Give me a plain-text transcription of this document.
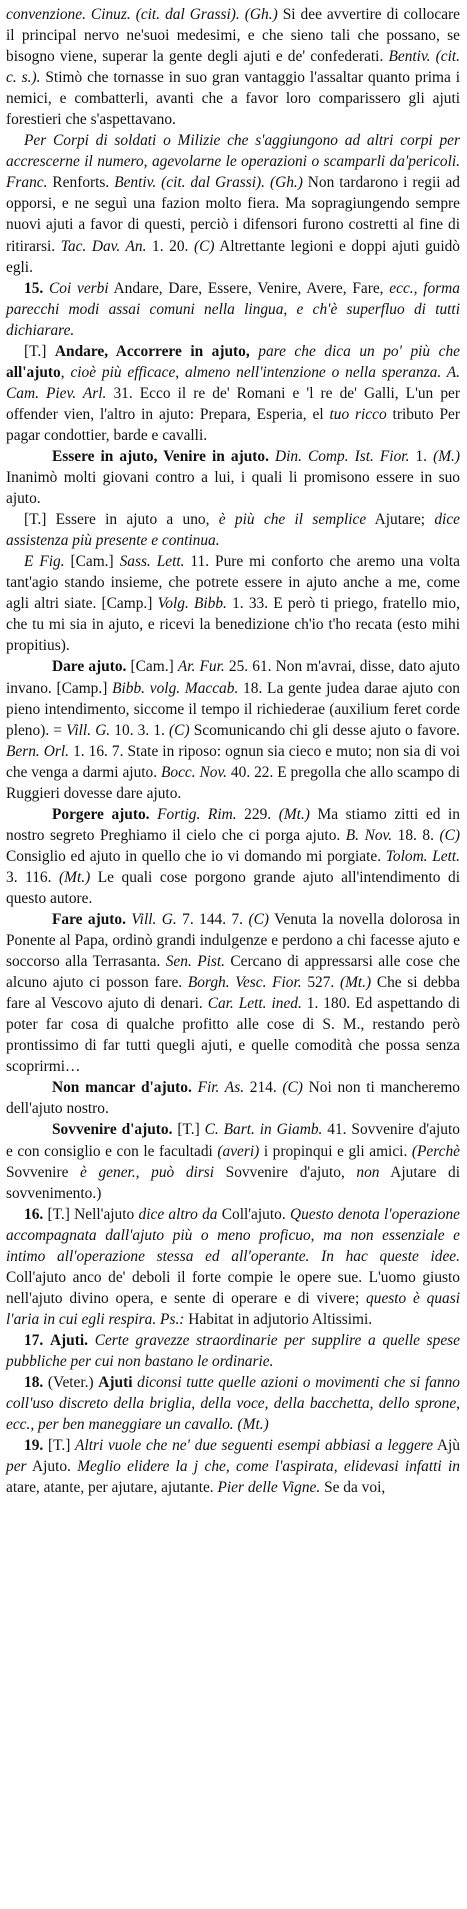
convenzione. Cinuz. (cit. dal Grassi). (Gh.) Si dee avvertire di collocare il principal nervo ne'suoi medesimi, e che sieno tali che possano, se bisogno viene, superar la gente degli ajuti e de' confederati. Bentiv. (cit. c. s.). Stimò che tornasse in suo gran vantaggio l'assaltar quanto prima i nemici, e combatterli, avanti che a favor loro comparissero gli ajuti forestieri che s'aspettavano.

Per Corpi di soldati o Milizie che s'aggiungono ad altri corpi per accrescerne il numero, agevolarne le operazioni o scamparli da'pericoli. Franc. Renforts. Bentiv. (cit. dal Grassi). (Gh.) Non tardarono i regii ad opporsi, e ne seguì una fazion molto fiera. Ma sopragiungendo sempre nuovi ajuti a favor di questi, perciò i difensori furono costretti al fine di ritirarsi. Tac. Dav. An. 1. 20. (C) Altrettante legioni e doppi ajuti guidò egli.

15. Coi verbi Andare, Dare, Essere, Venire, Avere, Fare, ecc., forma parecchi modi assai comuni nella lingua, e ch'è superfluo di tutti dichiarare.

[T.] Andare, Accorrere in ajuto, pare che dica un po' più che all'ajuto, cioè più efficace, almeno nell'intenzione o nella speranza. A. Cam. Piev. Arl. 31. Ecco il re de' Romani e 'l re de' Galli, L'un per offender vien, l'altro in ajuto: Prepara, Esperia, el tuo ricco tributo Per pagar condottier, barde e cavalli.

Essere in ajuto, Venire in ajuto. Din. Comp. Ist. Fior. 1. (M.) Inanimò molti giovani contro a lui, i quali li promisono essere in suo ajuto.

[T.] Essere in ajuto a uno, è più che il semplice Ajutare; dice assistenza più presente e continua.

E Fig. [Cam.] Sass. Lett. 11. Pure mi conforto che aremo una volta tant'agio stando insieme, che potrete essere in ajuto anche a me, come agli altri siate. [Camp.] Volg. Bibb. 1. 33. E però ti priego, fratello mio, che tu mi sia in ajuto, e ricevi la benedizione ch'io t'ho recata (esto mihi propitius).

Dare ajuto. [Cam.] Ar. Fur. 25. 61. Non m'avrai, disse, dato ajuto invano. [Camp.] Bibb. volg. Maccab. 18. La gente judea darae ajuto con pieno intendimento, siccome il tempo il richiederae (auxilium feret corde pleno). = Vill. G. 10. 3. 1. (C) Scomunicando chi gli desse ajuto o favore. Bern. Orl. 1. 16. 7. State in riposo: ognun sia cieco e muto; non sia di voi che venga a darmi ajuto. Bocc. Nov. 40. 22. E pregolla che allo scampo di Ruggieri dovesse dare ajuto.

Porgere ajuto. Fortig. Rim. 229. (Mt.) Ma stiamo zitti ed in nostro segreto Preghiamo il cielo che ci porga ajuto. B. Nov. 18. 8. (C) Consiglio ed ajuto in quello che io vi domando mi porgiate. Tolom. Lett. 3. 116. (Mt.) Le quali cose porgono grande ajuto all'intendimento di questo autore.

Fare ajuto. Vill. G. 7. 144. 7. (C) Venuta la novella dolorosa in Ponente al Papa, ordinò grandi indulgenze e perdono a chi facesse ajuto e soccorso alla Terrasanta. Sen. Pist. Cercano di appressarsi alle cose che alcuno ajuto ci posson fare. Borgh. Vesc. Fior. 527. (Mt.) Che si debba fare al Vescovo ajuto di denari. Car. Lett. ined. 1. 180. Ed aspettando di poter far cosa di qualche profitto alle cose di S. M., restando però prontissimo di far tutti quegli ajuti, e quelle comodità che possa senza scoprirmi…

Non mancar d'ajuto. Fir. As. 214. (C) Noi non ti mancheremo dell'ajuto nostro.

Sovvenire d'ajuto. [T.] C. Bart. in Giamb. 41. Sovvenire d'ajuto e con consiglio e con le facultadi (averi) i propinqui e gli amici. (Perchè Sovvenire è gener., può dirsi Sovvenire d'ajuto, non Ajutare di sovvenimento.)

16. [T.] Nell'ajuto dice altro da Coll'ajuto. Questo denota l'operazione accompagnata dall'ajuto più o meno proficuo, ma non essenziale e intimo all'operazione stessa ed all'operante. In haс queste idee. Coll'ajuto anco de' deboli il forte compie le opere sue. L'uomo giusto nell'ajuto divino opera, e sente di operare e di vivere; questo è quasi l'aria in cui egli respira. Ps.: Habitat in adjutorio Altissimi.

17. Ajuti. Certe gravezze straordinarie per supplire a quelle spese pubbliche per cui non bastano le ordinarie.

18. (Veter.) Ajuti diconsi tutte quelle azioni o movimenti che si fanno coll'uso discreto della briglia, della voce, della bacchetta, dello sprone, ecc., per ben maneggiare un cavallo. (Mt.)

19. [T.] Altri vuole che ne' due seguenti esempi abbiasi a leggere Ajù per Ajuto. Meglio elidere la j che, come l'aspirata, elidevasi infatti in atare, atante, per ajutare, ajutante. Pier delle Vigne. Se da voi,
